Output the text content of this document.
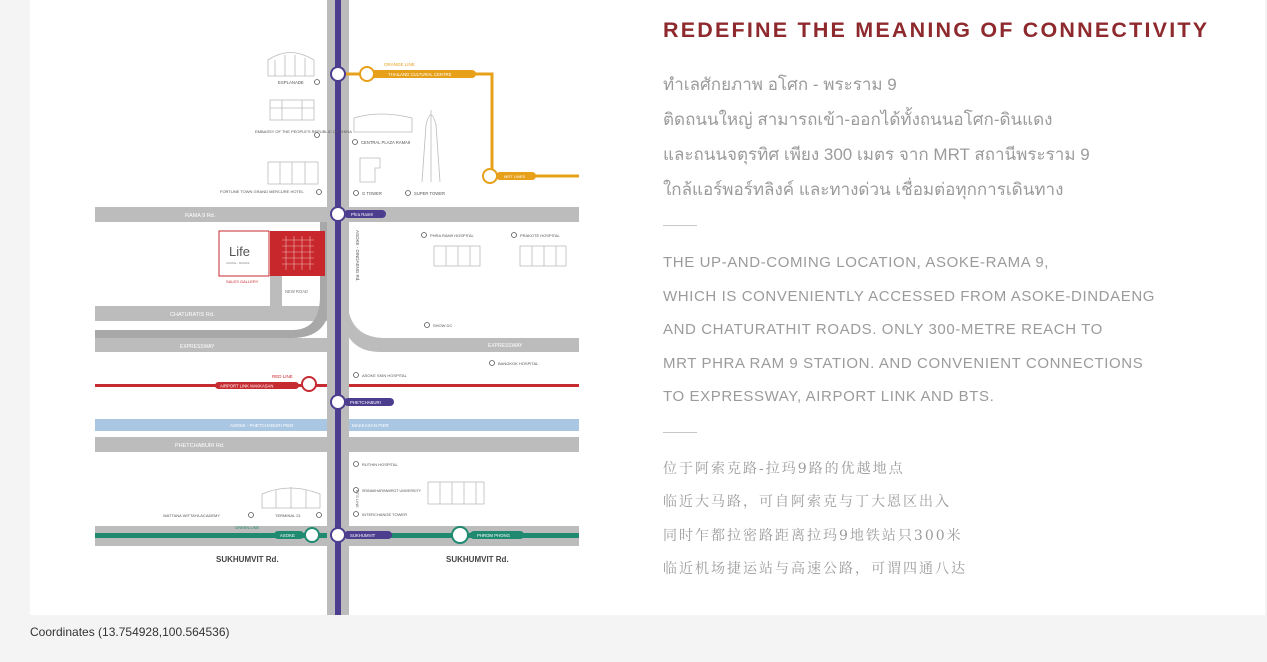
RAMA 9 Rd.
CHATURATIS Rd.
EXPRESSWAY	EXPRESSWAY
RED LINE
AIRPORT LINK MAKKASAN
ASOKE - PHETCHABURI PIER	MAKKASAN PIER
PHETCHABURI Rd.
GREEN LINE
SUKHUMVIT Rd.	SUKHUMVIT Rd.
ASOKE - DINDAENG Rd.
NEW ROAD
BTS LINE
ORANGE LINE
THAILAND CULTURAL CENTRE
MRT LINES
Phra Ram9
PHETCHABURI
SUKHUMVIT
ASOKE	PHROM PHONG
ESPLANADE
EMBASSY OF THE PEOPLE'S REPUBLIC OF CHINA
FORTUNE TOWN GRAND MERCURE HOTEL
CENTRAL PLAZA RAMA9
G TOWER	SUPER TOWER
Life
ASOKE - RAMA9
SALES GALLERY
PHRA RAM9 HOSPITAL	PRAKOTE HOSPITAL
SHOW DC
BANGKOK HOSPITAL
ASOKE SKIN HOSPITAL
RUTHIN HOSPITAL
SRINAKHARINWIROT UNIVERSITY
INTERCHANGE TOWER
WATTANA WITTAYA ACADEMY	TERMINAL 21
REDEFINE THE MEANING OF CONNECTIVITY

ทำเลศักยภาพ อโศก - พระราม 9

ติดถนนใหญ่ สามารถเข้า-ออกได้ทั้งถนนอโศก-ดินแดง

และถนนจตุรทิศ เพียง 300 เมตร จาก MRT สถานีพระราม 9

ใกล้แอร์พอร์ทลิงค์ และทางด่วน เชื่อมต่อทุกการเดินทาง

THE UP-AND-COMING LOCATION, ASOKE-RAMA 9,

WHICH IS CONVENIENTLY ACCESSED FROM ASOKE-DINDAENG

AND CHATURATHIT ROADS. ONLY 300-METRE REACH TO

MRT PHRA RAM 9 STATION. AND CONVENIENT CONNECTIONS

TO EXPRESSWAY, AIRPORT LINK AND BTS.

位于阿索克路-拉玛9路的优越地点

临近大马路，可自阿索克与丁大恩区出入

同时乍都拉密路距离拉玛9地铁站只300米

临近机场捷运站与高速公路，可谓四通八达

Coordinates (13.754928,100.564536)
